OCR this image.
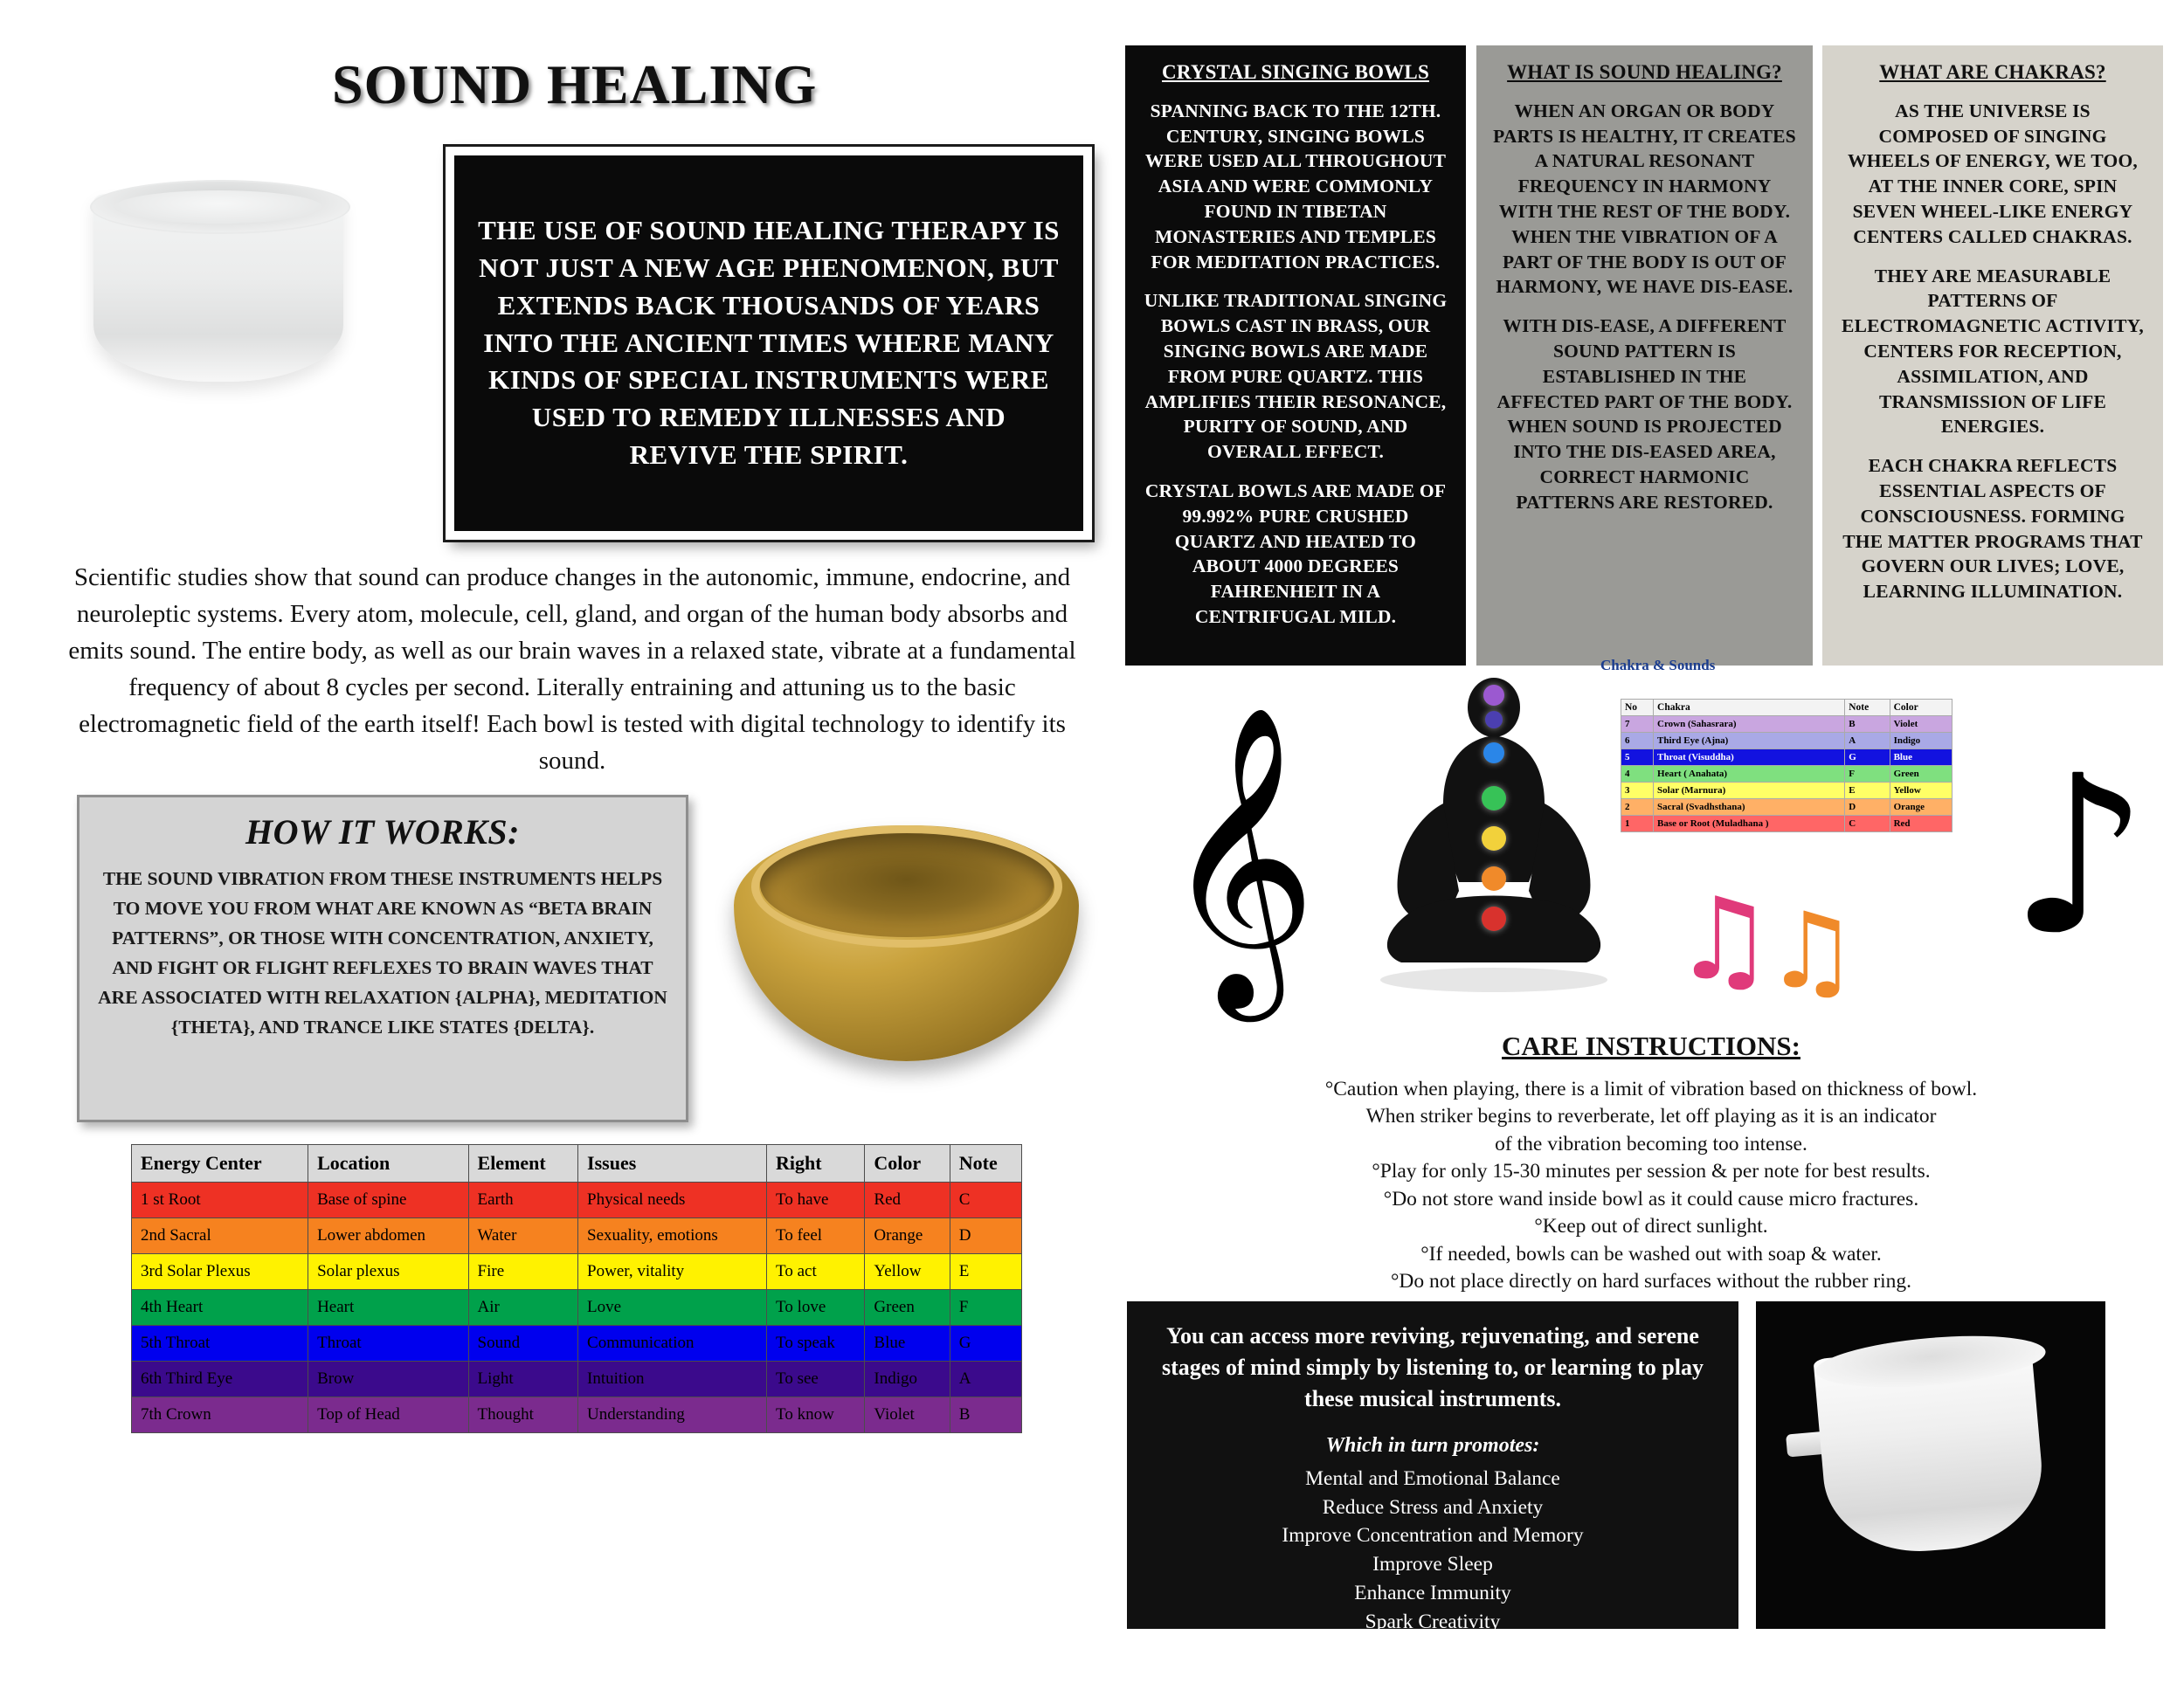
SOUND HEALING
THE USE OF SOUND HEALING THERAPY IS NOT JUST A NEW AGE PHENOMENON, BUT EXTENDS BACK THOUSANDS OF YEARS INTO THE ANCIENT TIMES WHERE MANY KINDS OF SPECIAL INSTRUMENTS WERE USED TO REMEDY ILLNESSES AND REVIVE THE SPIRIT.
Scientific studies show that sound can produce changes in the autonomic, immune, endocrine, and neuroleptic systems. Every atom, molecule, cell, gland, and organ of the human body absorbs and emits sound. The entire body, as well as our brain waves in a relaxed state, vibrate at a fundamental frequency of about 8 cycles per second. Literally entraining and attuning us to the basic electromagnetic field of the earth itself! Each bowl is tested with digital technology to identify its sound.
HOW IT WORKS:
THE SOUND VIBRATION FROM THESE INSTRUMENTS HELPS TO MOVE YOU FROM WHAT ARE KNOWN AS “BETA BRAIN PATTERNS”, OR THOSE WITH CONCENTRATION, ANXIETY, AND FIGHT OR FLIGHT REFLEXES TO BRAIN WAVES THAT ARE ASSOCIATED WITH RELAXATION {ALPHA}, MEDITATION {THETA}, AND TRANCE LIKE STATES {DELTA}.
Energy Center	Location	Element	Issues	Right	Color	Note
1 st Root	Base of spine	Earth	Physical needs	To have	Red	C
2nd Sacral	Lower abdomen	Water	Sexuality, emotions	To feel	Orange	D
3rd Solar Plexus	Solar plexus	Fire	Power, vitality	To act	Yellow	E
4th Heart	Heart	Air	Love	To love	Green	F
5th Throat	Throat	Sound	Communication	To speak	Blue	G
6th Third Eye	Brow	Light	Intuition	To see	Indigo	A
7th Crown	Top of Head	Thought	Understanding	To know	Violet	B
CRYSTAL SINGING BOWLS

SPANNING BACK TO THE 12TH. CENTURY, SINGING BOWLS WERE USED ALL THROUGHOUT ASIA AND WERE COMMONLY FOUND IN TIBETAN MONASTERIES AND TEMPLES FOR MEDITATION PRACTICES.

UNLIKE TRADITIONAL SINGING BOWLS CAST IN BRASS, OUR SINGING BOWLS ARE MADE FROM PURE QUARTZ. THIS AMPLIFIES THEIR RESONANCE, PURITY OF SOUND, AND OVERALL EFFECT.

CRYSTAL BOWLS ARE MADE OF 99.992% PURE CRUSHED QUARTZ AND HEATED TO ABOUT 4000 DEGREES FAHRENHEIT IN A CENTRIFUGAL MILD.

WHAT IS SOUND HEALING?

WHEN AN ORGAN OR BODY PARTS IS HEALTHY, IT CREATES A NATURAL RESONANT FREQUENCY IN HARMONY WITH THE REST OF THE BODY. WHEN THE VIBRATION OF A PART OF THE BODY IS OUT OF HARMONY, WE HAVE DIS-EASE.

WITH DIS-EASE, A DIFFERENT SOUND PATTERN IS ESTABLISHED IN THE AFFECTED PART OF THE BODY. WHEN SOUND IS PROJECTED INTO THE DIS-EASED AREA, CORRECT HARMONIC PATTERNS ARE RESTORED.

WHAT ARE CHAKRAS?

AS THE UNIVERSE IS COMPOSED OF SINGING WHEELS OF ENERGY, WE TOO, AT THE INNER CORE, SPIN SEVEN WHEEL-LIKE ENERGY CENTERS CALLED CHAKRAS.

THEY ARE MEASURABLE PATTERNS OF ELECTROMAGNETIC ACTIVITY, CENTERS FOR RECEPTION, ASSIMILATION, AND TRANSMISSION OF LIFE ENERGIES.

EACH CHAKRA REFLECTS ESSENTIAL ASPECTS OF CONSCIOUSNESS. FORMING THE MATTER PROGRAMS THAT GOVERN OUR LIVES; LOVE, LEARNING ILLUMINATION.

Chakra & Sounds
No	Chakra	Note	Color
7	Crown (Sahasrara)	B	Violet
6	Third Eye (Ajna)	A	Indigo
5	Throat (Visuddha)	G	Blue
4	Heart ( Anahata)	F	Green
3	Solar (Marnura)	E	Yellow
2	Sacral (Svadhsthana)	D	Orange
1	Base or Root (Muladhana )	C	Red
𝄞	♫
♫ ♪
CARE INSTRUCTIONS:
°Caution when playing, there is a limit of vibration based on thickness of bowl.
When striker begins to reverberate, let off playing as it is an indicator
of the vibration becoming too intense.
°Play for only 15-30 minutes per session & per note for best results.
°Do not store wand inside bowl as it could cause micro fractures.
°Keep out of direct sunlight.
°If needed, bowls can be washed out with soap & water.
°Do not place directly on hard surfaces without the rubber ring.
You can access more reviving, rejuvenating, and serene stages of mind simply by listening to, or learning to play these musical instruments.
Which in turn promotes:
Mental and Emotional Balance
Reduce Stress and Anxiety
Improve Concentration and Memory
Improve Sleep
Enhance Immunity
Spark Creativity
